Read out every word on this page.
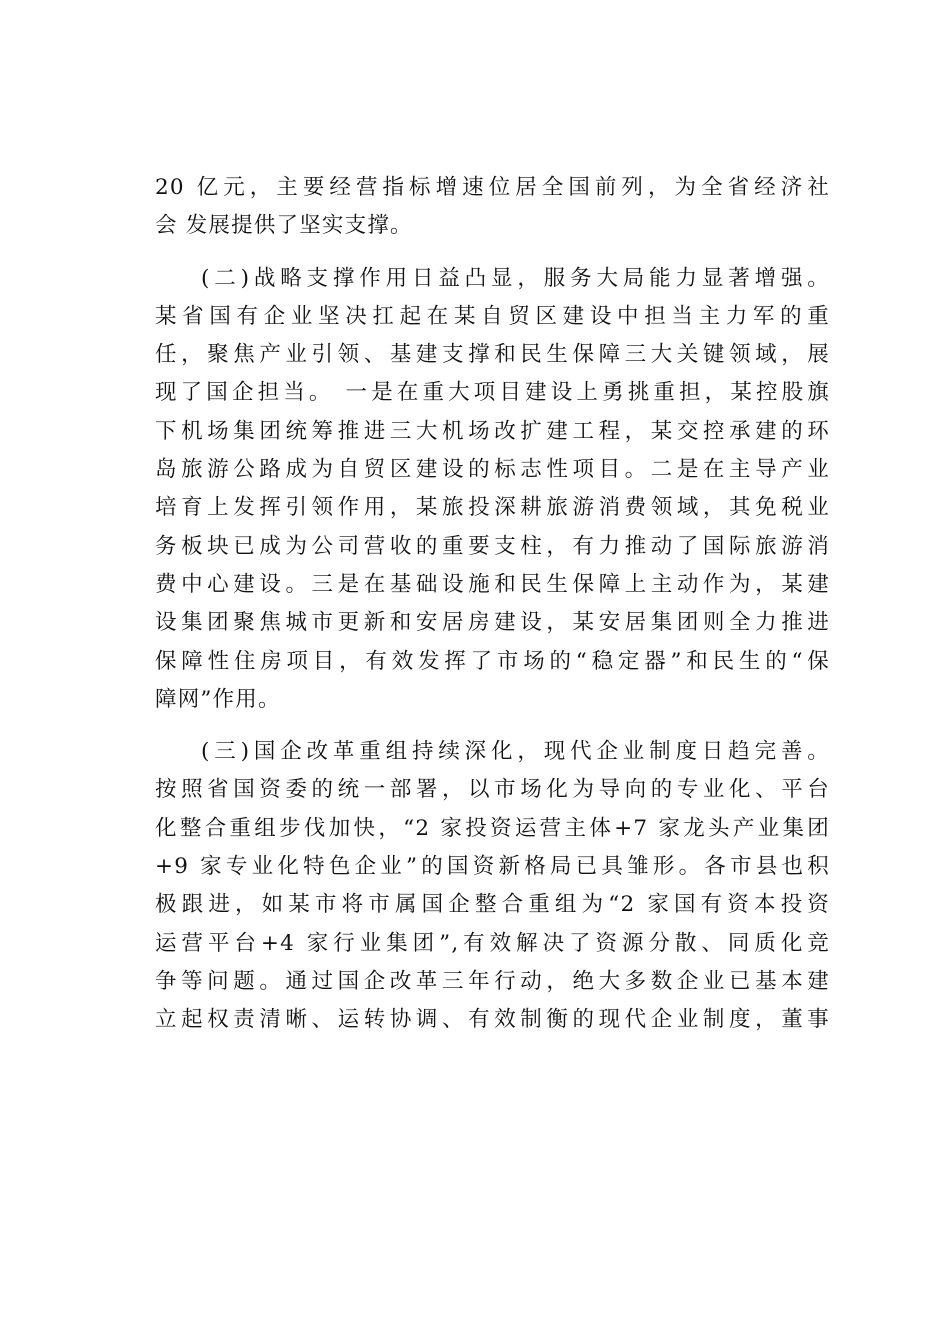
20 亿元，主要经营指标增速位居全国前列，为全省经济社
会 发展提供了坚实支撑。
(二)战略支撑作用日益凸显，服务大局能力显著增强。
某省国有企业坚决扛起在某自贸区建设中担当主力军的重
任，聚焦产业引领、基建支撑和民生保障三大关键领域，展
现了国企担当。 一是在重大项目建设上勇挑重担，某控股旗
下机场集团统筹推进三大机场改扩建工程，某交控承建的环
岛旅游公路成为自贸区建设的标志性项目。二是在主导产业
培育上发挥引领作用，某旅投深耕旅游消费领域，其免税业
务板块已成为公司营收的重要支柱，有力推动了国际旅游消
费中心建设。三是在基础设施和民生保障上主动作为，某建
设集团聚焦城市更新和安居房建设，某安居集团则全力推进
保障性住房项目，有效发挥了市场的“稳定器”和民生的“保
障网”作用。
(三)国企改革重组持续深化，现代企业制度日趋完善。
按照省国资委的统一部署，以市场化为导向的专业化、平台
化整合重组步伐加快，“2 家投资运营主体+7 家龙头产业集团
+9 家专业化特色企业”的国资新格局已具雏形。各市县也积
极跟进，如某市将市属国企整合重组为“2 家国有资本投资
运营平台+4 家行业集团”,有效解决了资源分散、同质化竞
争等问题。通过国企改革三年行动，绝大多数企业已基本建
立起权责清晰、运转协调、有效制衡的现代企业制度，董事
